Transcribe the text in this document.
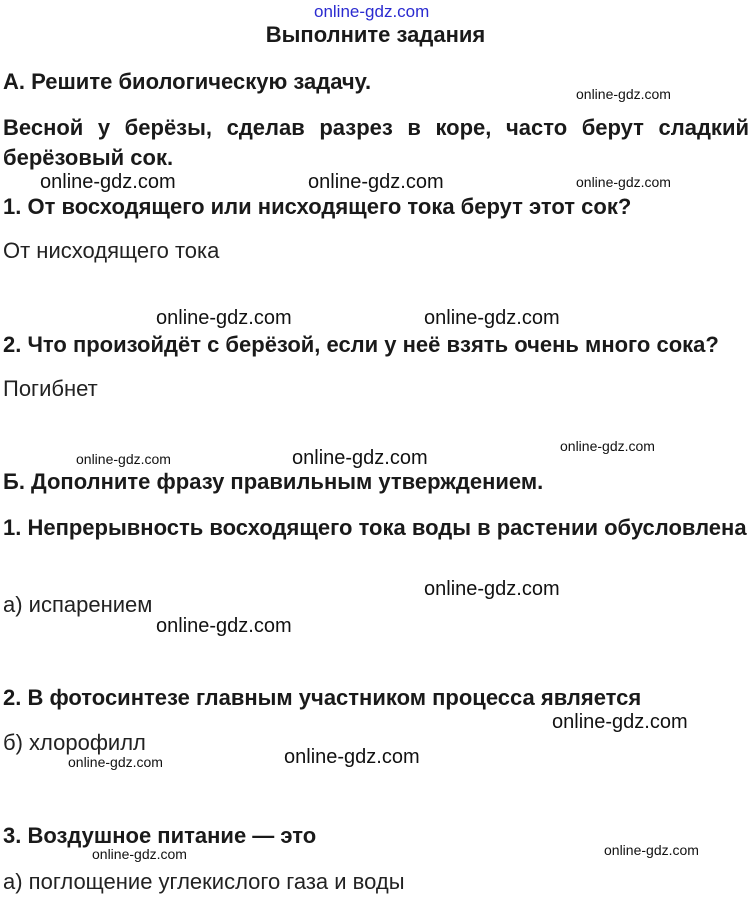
online-gdz.com
Выполните задания
А. Решите биологическую задачу.
Весной у берёзы, сделав разрез в коре, часто берут сладкий берёзовый сок.
1. От восходящего или нисходящего тока берут этот сок?
От нисходящего тока
2. Что произойдёт с берёзой, если у неё взять очень много сока?
Погибнет
Б. Дополните фразу правильным утверждением.
1. Непрерывность восходящего тока воды в растении обусловлена
а) испарением
2. В фотосинтезе главным участником процесса является
б) хлорофилл
3. Воздушное питание — это
а) поглощение углекислого газа и воды
online-gdz.com
online-gdz.com	online-gdz.com	online-gdz.com
online-gdz.com	online-gdz.com
online-gdz.com
online-gdz.com	online-gdz.com
online-gdz.com
online-gdz.com
online-gdz.com
online-gdz.com
online-gdz.com
online-gdz.com
online-gdz.com
